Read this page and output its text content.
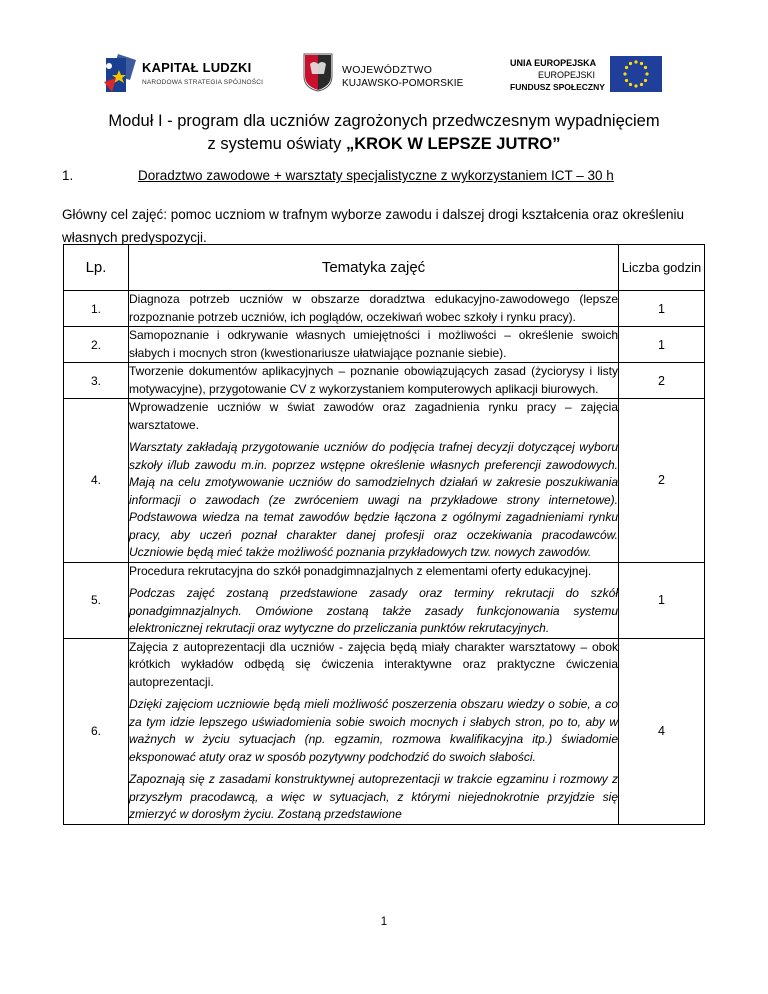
KAPITAŁ LUDZKI
NARODOWA STRATEGIA SPÓJNOŚCI
WOJEWÓDZTWO
KUJAWSKO-POMORSKIE
UNIA EUROPEJSKA
EUROPEJSKI
FUNDUSZ SPOŁECZNY
Moduł I - program dla uczniów zagrożonych przedwczesnym wypadnięciem
z systemu oświaty „KROK W LEPSZE JUTRO”
1.	Doradztwo zawodowe + warsztaty specjalistyczne z wykorzystaniem ICT – 30 h
Główny cel zajęć: pomoc uczniom w trafnym wyborze zawodu i dalszej drogi kształcenia oraz określeniu własnych predyspozycji.
Lp.	Tematyka zajęć	Liczba godzin
1.	Diagnoza potrzeb uczniów w obszarze doradztwa edukacyjno-zawodowego (lepsze rozpoznanie potrzeb uczniów, ich poglądów, oczekiwań wobec szkoły i rynku pracy).	1
2.	Samopoznanie i odkrywanie własnych umiejętności i możliwości – określenie swoich słabych i mocnych stron (kwestionariusze ułatwiające poznanie siebie).	1
3.	Tworzenie dokumentów aplikacyjnych – poznanie obowiązujących zasad (życiorysy i listy motywacyjne), przygotowanie CV z wykorzystaniem komputerowych aplikacji biurowych.	2
4.	Wprowadzenie uczniów w świat zawodów oraz zagadnienia rynku pracy – zajęcia warsztatowe.

Warsztaty zakładają przygotowanie uczniów do podjęcia trafnej decyzji dotyczącej wyboru szkoły i/lub zawodu m.in. poprzez wstępne określenie własnych preferencji zawodowych. Mają na celu zmotywowanie uczniów do samodzielnych działań w zakresie poszukiwania informacji o zawodach (ze zwróceniem uwagi na przykładowe strony internetowe). Podstawowa wiedza na temat zawodów będzie łączona z ogólnymi zagadnieniami rynku pracy, aby uczeń poznał charakter danej profesji oraz oczekiwania pracodawców. Uczniowie będą mieć także możliwość poznania przykładowych tzw. nowych zawodów.	2
5.	Procedura rekrutacyjna do szkół ponadgimnazjalnych z elementami oferty edukacyjnej.

Podczas zajęć zostaną przedstawione zasady oraz terminy rekrutacji do szkół ponadgimnazjalnych. Omówione zostaną także zasady funkcjonowania systemu elektronicznej rekrutacji oraz wytyczne do przeliczania punktów rekrutacyjnych.	1
6.	Zajęcia z autoprezentacji dla uczniów - zajęcia będą miały charakter warsztatowy – obok krótkich wykładów odbędą się ćwiczenia interaktywne oraz praktyczne ćwiczenia autoprezentacji.

Dzięki zajęciom uczniowie będą mieli możliwość poszerzenia obszaru wiedzy o sobie, a co za tym idzie lepszego uświadomienia sobie swoich mocnych i słabych stron, po to, aby w ważnych w życiu sytuacjach (np. egzamin, rozmowa kwalifikacyjna itp.) świadomie eksponować atuty oraz w sposób pozytywny podchodzić do swoich słabości.

Zapoznają się z zasadami konstruktywnej autoprezentacji w trakcie egzaminu i rozmowy z przyszłym pracodawcą, a więc w sytuacjach, z którymi niejednokrotnie przyjdzie się zmierzyć w dorosłym życiu. Zostaną przedstawione	4
1
